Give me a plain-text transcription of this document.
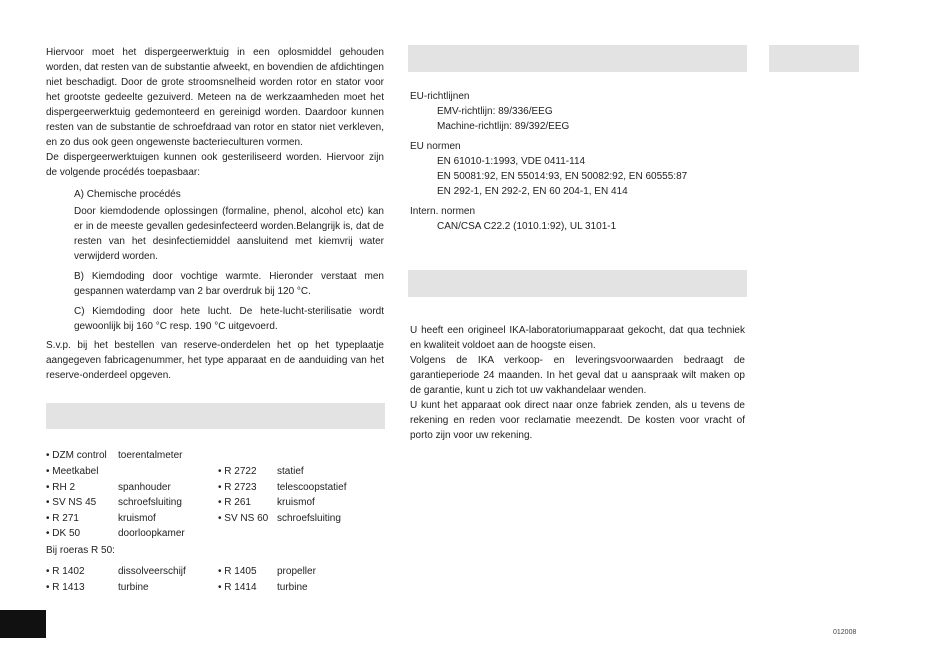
Hiervoor moet het dispergeerwerktuig in een oplosmiddel gehouden worden, dat resten van de substantie afweekt, en bovendien de afdichtingen niet beschadigt. Door de grote stroomsnelheid worden rotor en stator voor het grootste gedeelte gezuiverd. Meteen na de werkzaamheden moet het dispergeerwerktuig gedemonteerd en gereinigd worden. Daardoor kunnen resten van de substantie de schroefdraad van rotor en stator niet verkleven, en zo dus ook geen ongewenste bacterieculturen vormen.

De dispergeerwerktuigen kunnen ook gesteriliseerd worden. Hiervoor zijn de volgende procédés toepasbaar:

A) Chemische procédés

Door kiemdodende oplossingen (formaline, phenol, alcohol etc) kan er in de meeste gevallen gedesinfecteerd worden.Belangrijk is, dat de resten van het desinfectiemiddel aansluitend met kiemvrij water verwijderd worden.

B) Kiemdoding door vochtige warmte. Hieronder verstaat men gespannen waterdamp van 2 bar overdruk bij 120 °C.

C) Kiemdoding door hete lucht. De hete-lucht-sterilisatie wordt gewoonlijk bij 160 °C resp. 190 °C uitgevoerd.

S.v.p. bij het bestellen van reserve-onderdelen het op het typeplaatje aangegeven fabricagenummer, het type apparaat en de aanduiding van het reserve-onderdeel opgeven.

• DZM control toerentalmeter
• Meetkabel	• R 2722 statief
• RH 2	spanhouder	• R 2723 telescoopstatief
• SV NS 45 schroefsluiting	• R 261	kruismof
• R 271	kruismof	• SV NS 60 schroefsluiting
• DK 50	doorloopkamer
Bij roeras R 50:
• R 1402	dissolveerschijf	• R 1405 propeller
• R 1413	turbine	• R 1414 turbine
EU-richtlijnen
EMV-richtlijn: 89/336/EEG
Machine-richtlijn: 89/392/EEG
EU normen
EN 61010-1:1993, VDE 0411-114
EN 50081:92, EN 55014:93, EN 50082:92, EN 60555:87
EN 292-1, EN 292-2, EN 60 204-1, EN 414
Intern. normen
CAN/CSA C22.2 (1010.1:92), UL 3101-1

U heeft een origineel IKA-laboratoriumapparaat gekocht, dat qua techniek en kwaliteit voldoet aan de hoogste eisen.

Volgens de IKA verkoop- en leveringsvoorwaarden bedraagt de garantieperiode 24 maanden. In het geval dat u aanspraak wilt maken op de garantie, kunt u zich tot uw vakhandelaar wenden.

U kunt het apparaat ook direct naar onze fabriek zenden, als u tevens de rekening en reden voor reclamatie meezendt. De kosten voor vracht of porto zijn voor uw rekening.

012008
